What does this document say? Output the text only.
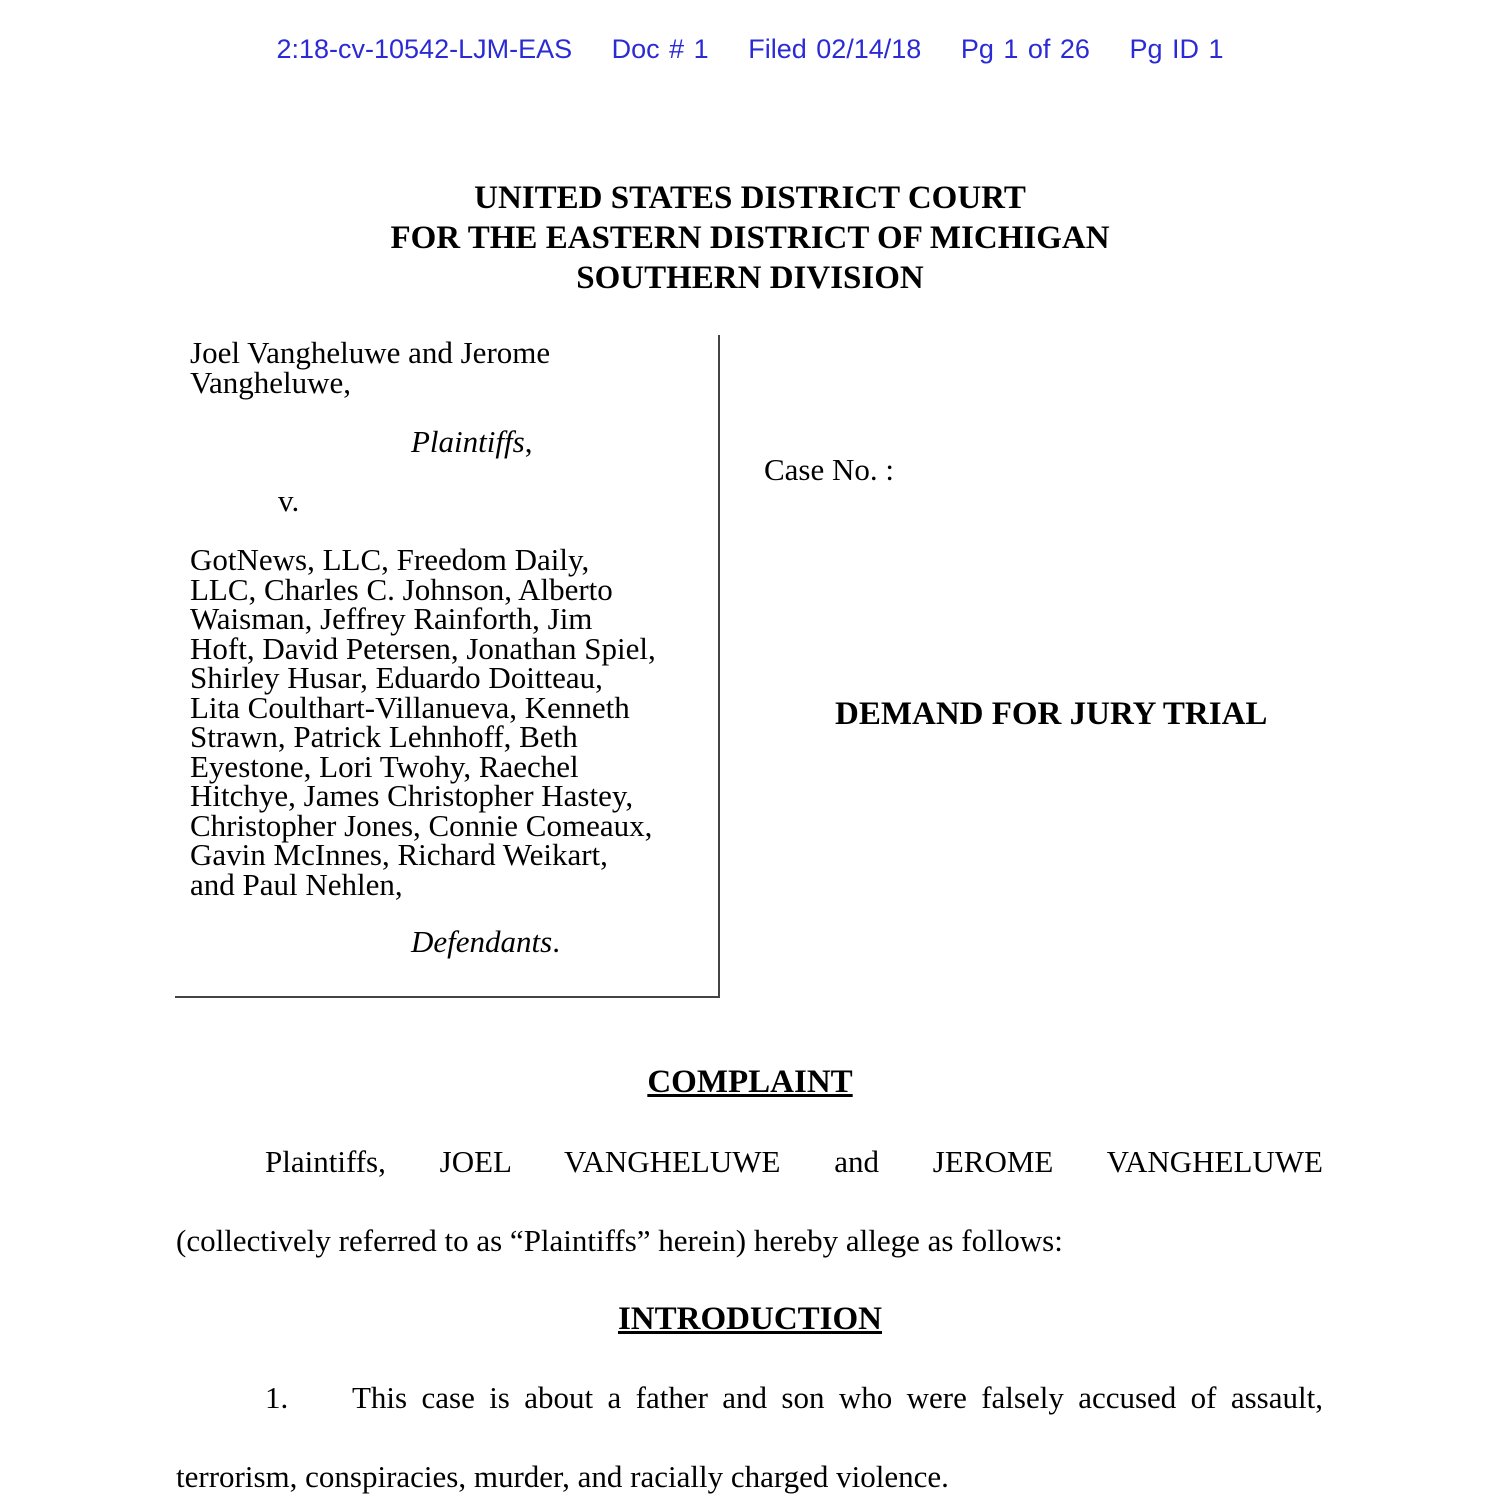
2:18-cv-10542-LJM-EAS Doc # 1 Filed 02/14/18 Pg 1 of 26 Pg ID 1
UNITED STATES DISTRICT COURT
FOR THE EASTERN DISTRICT OF MICHIGAN
SOUTHERN DIVISION
Joel Vangheluwe and Jerome
Vangheluwe,
Plaintiffs,
v.
GotNews, LLC, Freedom Daily,
LLC, Charles C. Johnson, Alberto
Waisman, Jeffrey Rainforth, Jim
Hoft, David Petersen, Jonathan Spiel,
Shirley Husar, Eduardo Doitteau,
Lita Coulthart-Villanueva, Kenneth
Strawn, Patrick Lehnhoff, Beth
Eyestone, Lori Twohy, Raechel
Hitchye, James Christopher Hastey,
Christopher Jones, Connie Comeaux,
Gavin McInnes, Richard Weikart,
and Paul Nehlen,
Defendants.
Case No. :
DEMAND FOR JURY TRIAL
COMPLAINT
Plaintiffs, JOEL VANGHELUWE and JEROME VANGHELUWE
(collectively referred to as “Plaintiffs” herein) hereby allege as follows:
INTRODUCTION
1. This case is about a father and son who were falsely accused of assault,
terrorism, conspiracies, murder, and racially charged violence.
